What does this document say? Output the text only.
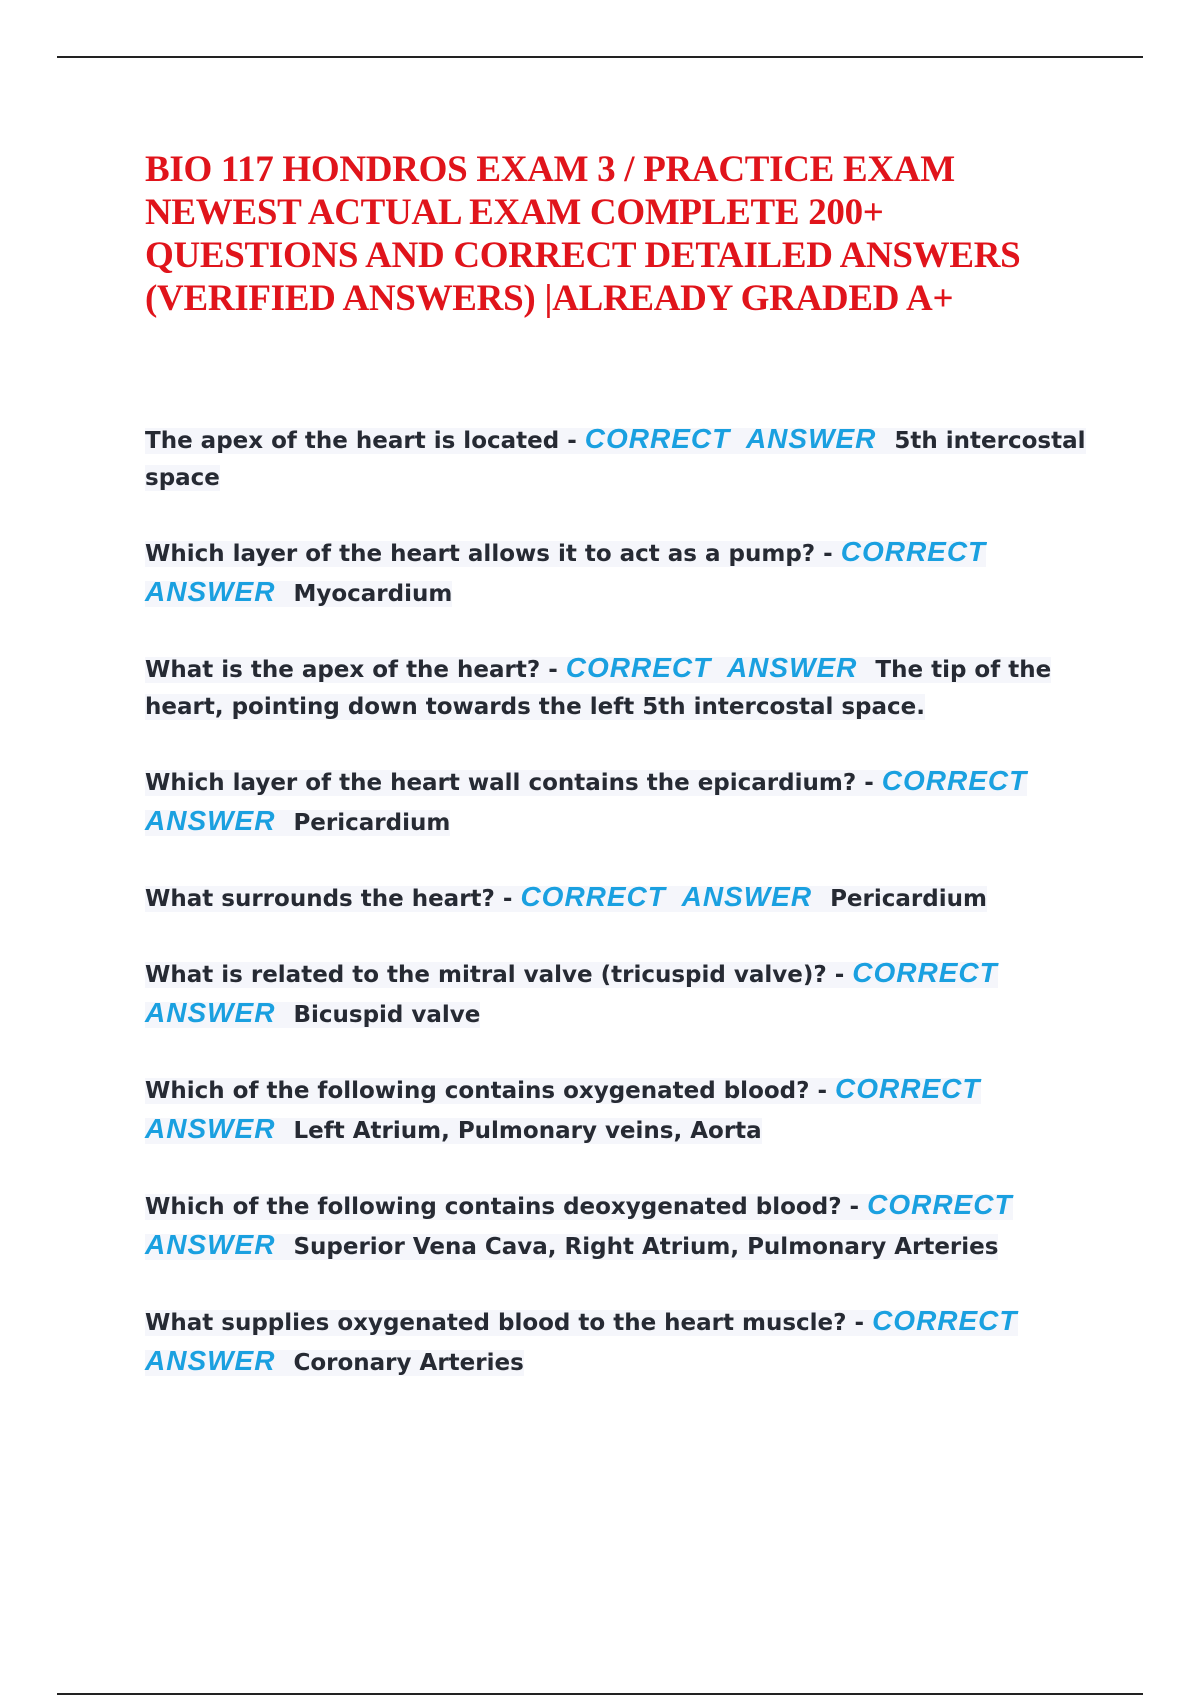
BIO 117 HONDROS EXAM 3 / PRACTICE EXAM NEWEST ACTUAL EXAM COMPLETE 200+ QUESTIONS AND CORRECT DETAILED ANSWERS (VERIFIED ANSWERS) |ALREADY GRADED A+
The apex of the heart is located - CORRECT ANSWER 5th intercostal space
Which layer of the heart allows it to act as a pump? - CORRECT ANSWER Myocardium
What is the apex of the heart? - CORRECT ANSWER The tip of the heart, pointing down towards the left 5th intercostal space.
Which layer of the heart wall contains the epicardium? - CORRECT ANSWER Pericardium
What surrounds the heart? - CORRECT ANSWER Pericardium
What is related to the mitral valve (tricuspid valve)? - CORRECT ANSWER Bicuspid valve
Which of the following contains oxygenated blood? - CORRECT ANSWER Left Atrium, Pulmonary veins, Aorta
Which of the following contains deoxygenated blood? - CORRECT ANSWER Superior Vena Cava, Right Atrium, Pulmonary Arteries
What supplies oxygenated blood to the heart muscle? - CORRECT ANSWER Coronary Arteries
